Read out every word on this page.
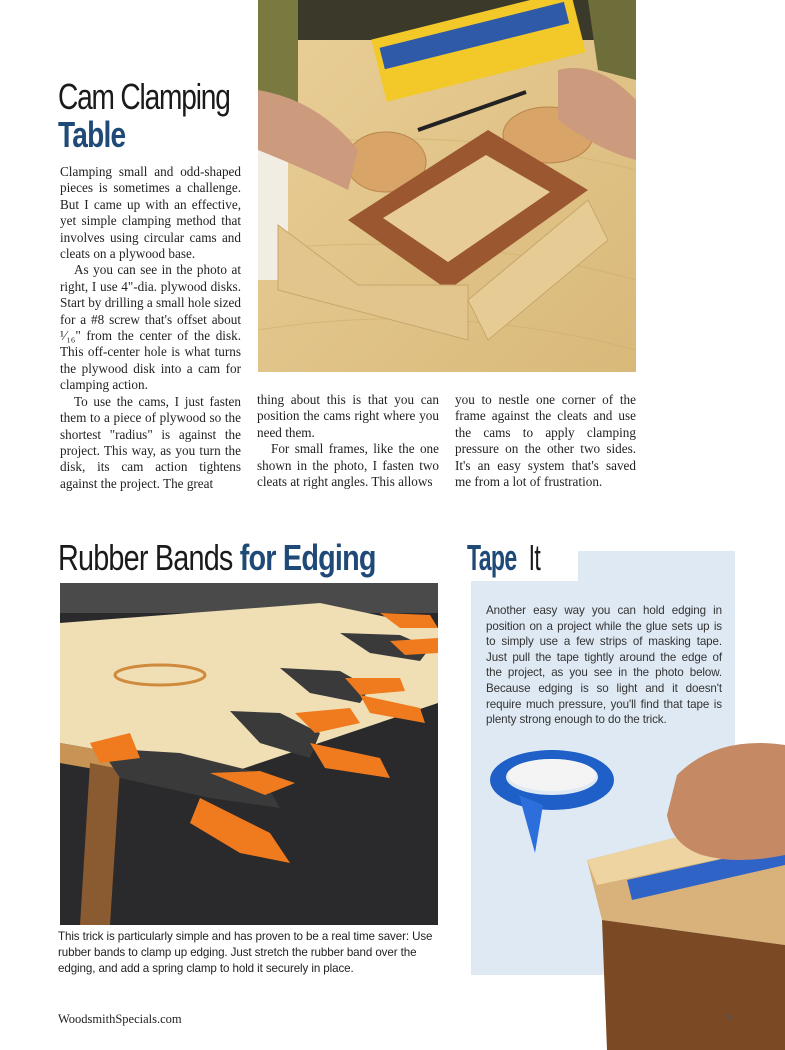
Cam Clamping
Table

Clamping small and odd-shaped pieces is sometimes a challenge. But I came up with an effective, yet simple clamping method that involves using circular cams and cleats on a plywood base.

As you can see in the photo at right, I use 4"-dia. plywood disks. Start by drilling a small hole sized for a #8 screw that's offset about ¹⁄₁₆" from the center of the disk. This off-center hole is what turns the plywood disk into a cam for clamping action.

To use the cams, I just fasten them to a piece of plywood so the shortest "radius" is against the project. This way, as you turn the disk, its cam action tightens against the project. The great

thing about this is that you can position the cams right where you need them.

For small frames, like the one shown in the photo, I fasten two cleats at right angles. This allows

you to nestle one corner of the frame against the cleats and use the cams to apply clamping pressure on the other two sides. It's an easy system that's saved me from a lot of frustration.

Rubber Bands for Edging
This trick is particularly simple and has proven to be a real time saver: Use rubber bands to clamp up edging. Just stretch the rubber band over the edging, and add a spring clamp to hold it securely in place.
TapeIt
Another easy way you can hold edging in position on a project while the glue sets up is to simply use a few strips of masking tape. Just pull the tape tightly around the edge of the project, as you see in the photo below. Because edging is so light and it doesn't require much pressure, you'll find that tape is plenty strong enough to do the trick.
WoodsmithSpecials.com	9
